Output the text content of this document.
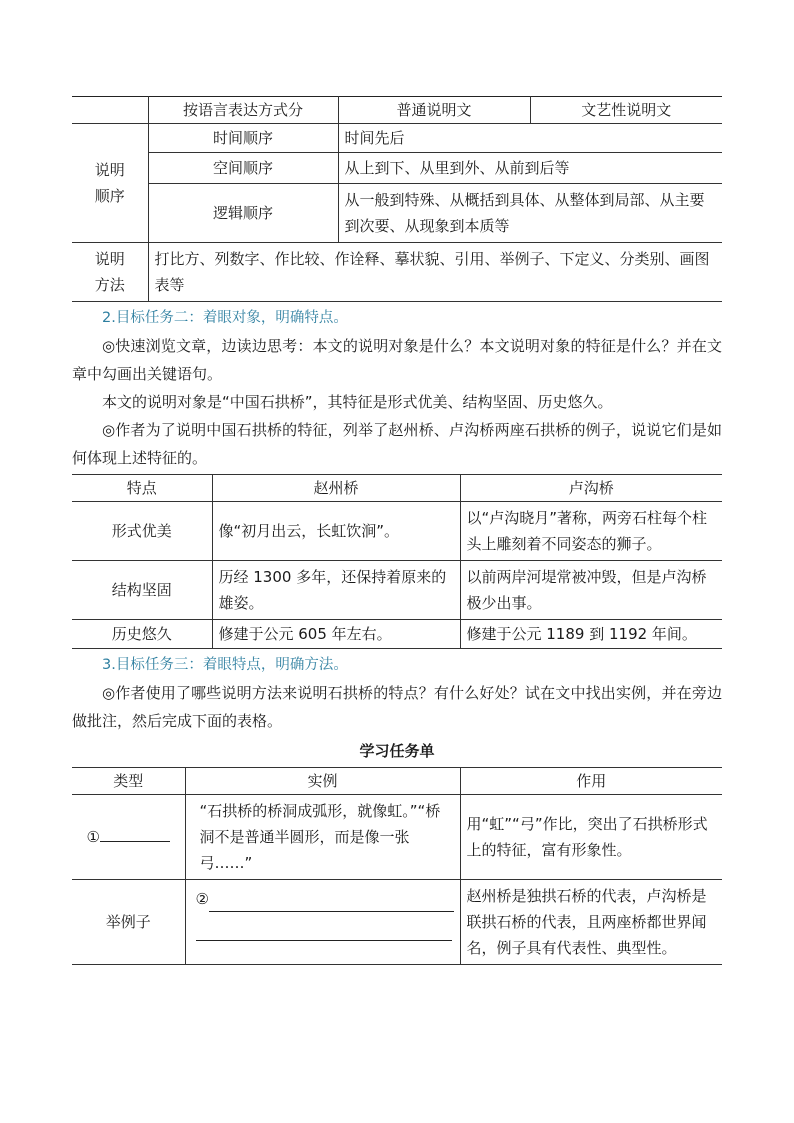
	按语言表达方式分	普通说明文	文艺性说明文

说明
顺序	时间顺序	时间先后	
	空间顺序	从上到下、从里到外、从前到后等	
	逻辑顺序	从一般到特殊、从概括到具体、从整体到局部、从主要到次要、从现象到本质等	

说明
方法	打比方、列数字、作比较、作诠释、摹状貌、引用、举例子、下定义、分类别、画图表等		

2.目标任务二：着眼对象，明确特点。

◎快速浏览文章，边读边思考：本文的说明对象是什么？本文说明对象的特征是什么？并在文章中勾画出关键语句。

本文的说明对象是“中国石拱桥”，其特征是形式优美、结构坚固、历史悠久。

◎作者为了说明中国石拱桥的特征，列举了赵州桥、卢沟桥两座石拱桥的例子，说说它们是如何体现上述特征的。

特点	赵州桥	卢沟桥
形式优美	像“初月出云，长虹饮涧”。	以“卢沟晓月”著称，两旁石柱每个柱头上雕刻着不同姿态的狮子。
结构坚固	历经 1300 多年，还保持着原来的雄姿。	以前两岸河堤常被冲毁，但是卢沟桥极少出事。
历史悠久	修建于公元 605 年左右。	修建于公元 1189 到 1192 年间。

3.目标任务三：着眼特点，明确方法。

◎作者使用了哪些说明方法来说明石拱桥的特点？有什么好处？试在文中找出实例，并在旁边做批注，然后完成下面的表格。

学习任务单

类型	实例	作用
①	“石拱桥的桥洞成弧形，就像虹。”“桥洞不是普通半圆形，而是像一张弓……”	用“虹”“弓”作比，突出了石拱桥形式上的特征，富有形象性。
举例子	②	赵州桥是独拱石桥的代表，卢沟桥是联拱石桥的代表，且两座桥都世界闻名，例子具有代表性、典型性。
